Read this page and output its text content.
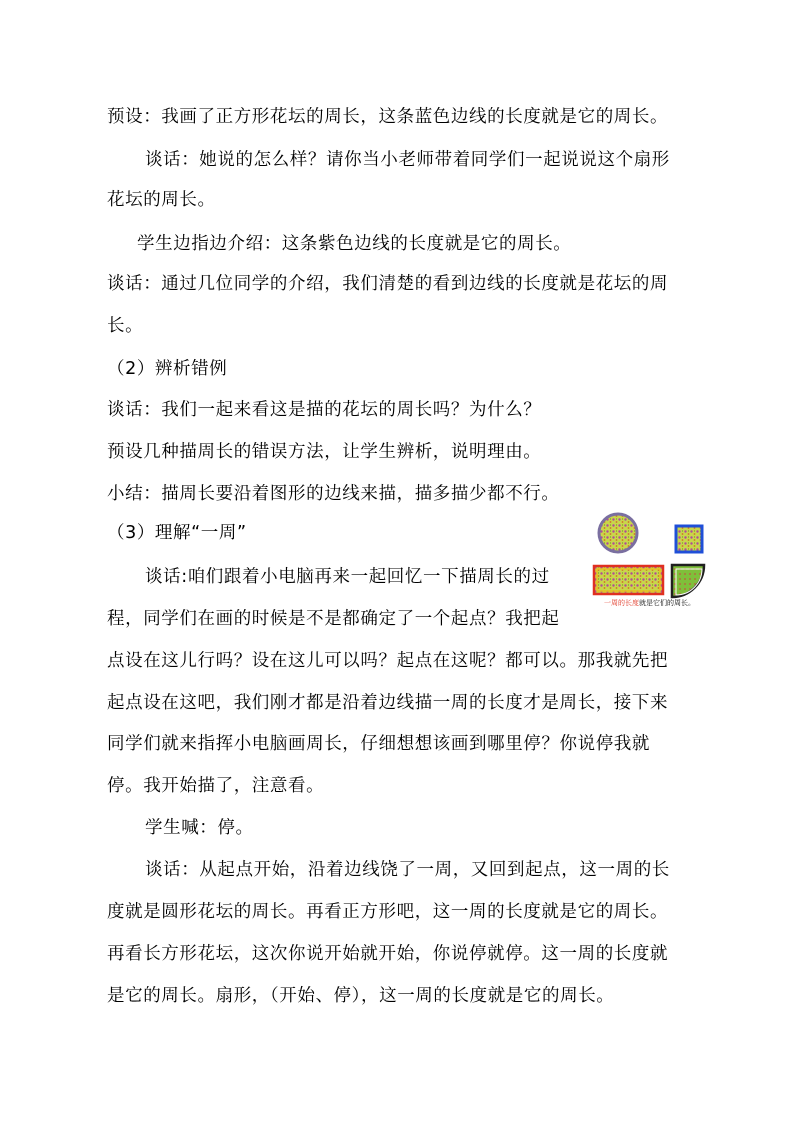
预设：我画了正方形花坛的周长，这条蓝色边线的长度就是它的周长。
谈话：她说的怎么样？请你当小老师带着同学们一起说说这个扇形
花坛的周长。
学生边指边介绍：这条紫色边线的长度就是它的周长。
谈话：通过几位同学的介绍，我们清楚的看到边线的长度就是花坛的周
长。
（2）辨析错例
谈话：我们一起来看这是描的花坛的周长吗？为什么？
预设几种描周长的错误方法，让学生辨析，说明理由。
小结：描周长要沿着图形的边线来描，描多描少都不行。
（3）理解“一周”
谈话:咱们跟着小电脑再来一起回忆一下描周长的过
程，同学们在画的时候是不是都确定了一个起点？我把起
点设在这儿行吗？设在这儿可以吗？起点在这呢？都可以。那我就先把
起点设在这吧，我们刚才都是沿着边线描一周的长度才是周长，接下来
同学们就来指挥小电脑画周长，仔细想想该画到哪里停？你说停我就
停。我开始描了，注意看。
学生喊：停。
谈话：从起点开始，沿着边线饶了一周，又回到起点，这一周的长
度就是圆形花坛的周长。再看正方形吧，这一周的长度就是它的周长。
再看长方形花坛，这次你说开始就开始，你说停就停。这一周的长度就
是它的周长。扇形，（开始、停），这一周的长度就是它的周长。
一周的长度就是它们的周长。
